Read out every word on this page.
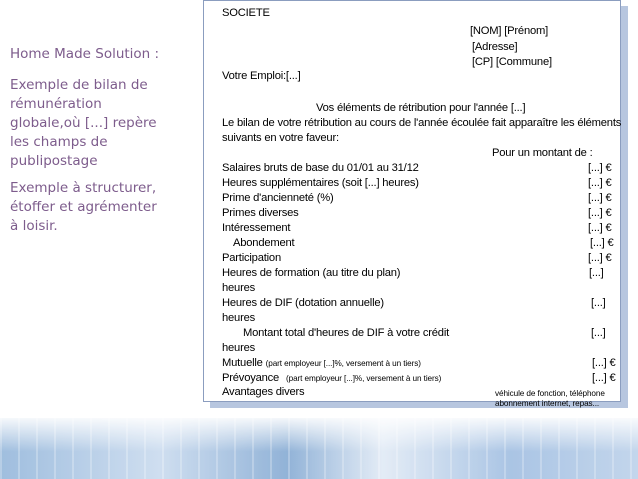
Home Made Solution :

Exemple de bilan de
rémunération
globale,où [...] repère
les champs de
publipostage

Exemple à structurer,
étoffer et agrémenter
à loisir.

SOCIETE
[NOM] [Prénom]
[Adresse]
[CP] [Commune]
Votre Emploi:[...]
Vos éléments de rétribution pour l'année [...]
Le bilan de votre rétribution au cours de l'année écoulée fait apparaître les éléments
suivants en votre faveur:
Pour un montant de :
Salaires bruts de base du 01/01 au 31/12	[...] €
Heures supplémentaires (soit [...] heures)	[...] €
Prime d'ancienneté (%)	[...] €
Primes diverses	[...] €
Intéressement	[...] €
Abondement	[...] €
Participation	[...] €
Heures de formation (au titre du plan)	[...]
heures
Heures de DIF (dotation annuelle)	[...]
heures
Montant total d'heures de DIF à votre crédit	[...]
heures
Mutuelle (part employeur [...]%, versement à un tiers)	[...] €
Prévoyance (part employeur [...]%, versement à un tiers)	[...] €
Avantages divers	véhicule de fonction, téléphone
abonnement internet, repas...
